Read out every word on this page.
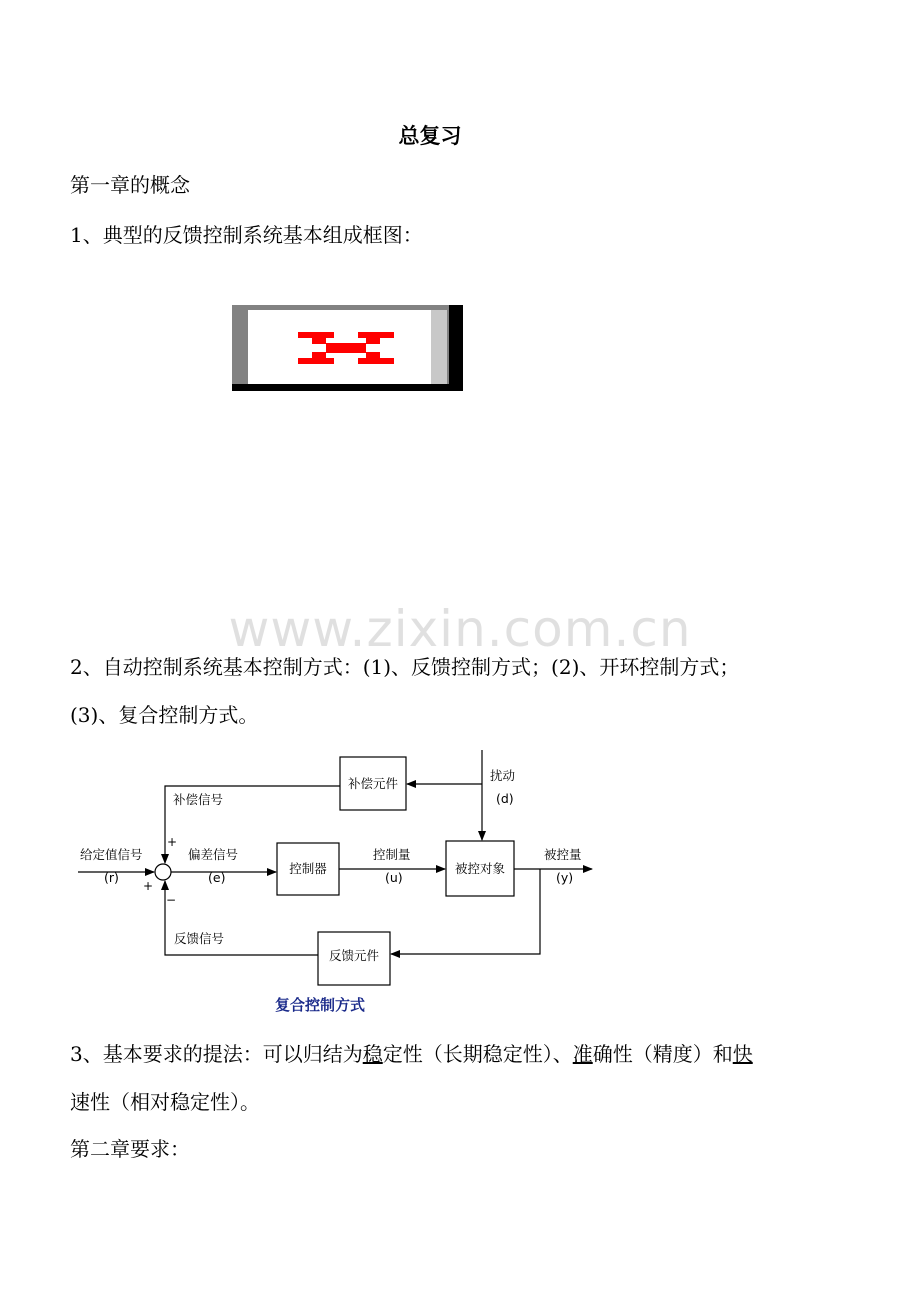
www.zixin.com.cn
总复习
第一章的概念
1、典型的反馈控制系统基本组成框图：
2、自动控制系统基本控制方式：(1)、反馈控制方式；(2)、开环控制方式；
(3)、复合控制方式。
补偿元件
扰动
(d)
补偿信号
给定值信号
(r)
偏差信号
(e)
控制器
控制量
(u)
被控对象
被控量
(y)
反馈信号
反馈元件
+
+
−
复合控制方式
3、基本要求的提法：可以归结为稳定性（长期稳定性）、准确性（精度）和快
速性（相对稳定性）。
第二章要求：
